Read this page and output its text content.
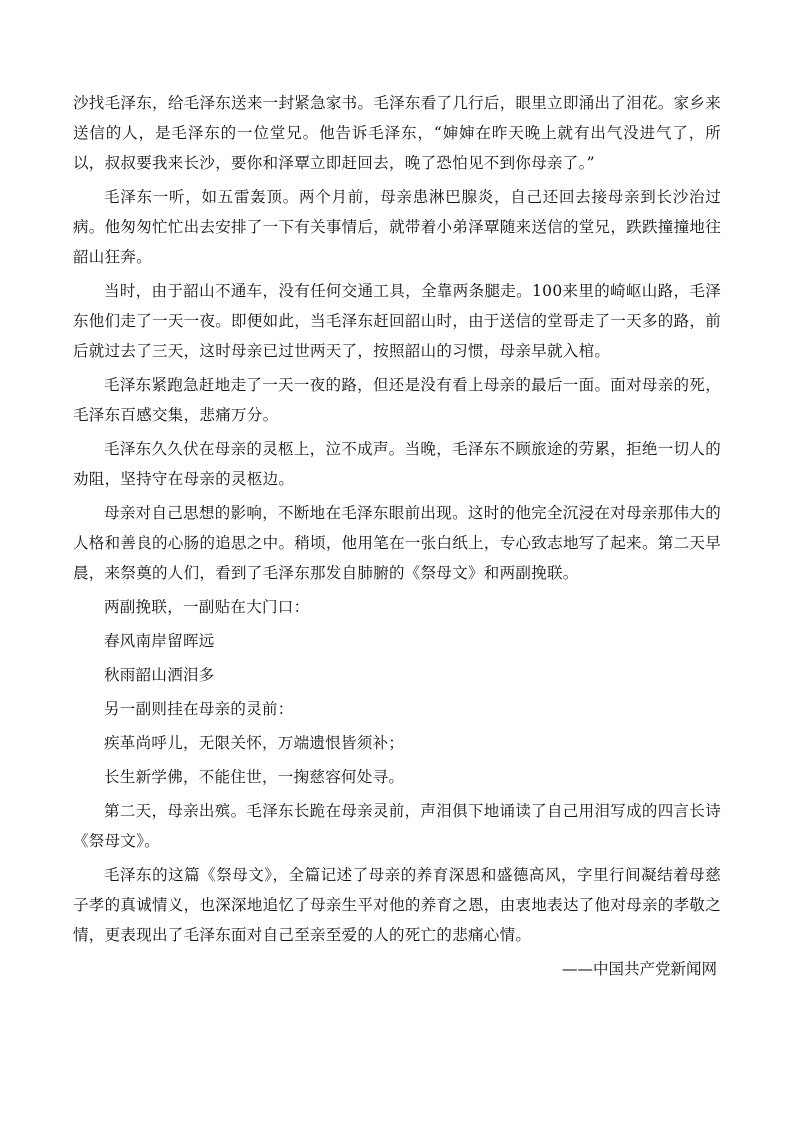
沙找毛泽东，给毛泽东送来一封紧急家书。毛泽东看了几行后，眼里立即涌出了泪花。家乡来送信的人，是毛泽东的一位堂兄。他告诉毛泽东，“婶婶在昨天晚上就有出气没进气了，所以，叔叔要我来长沙，要你和泽覃立即赶回去，晚了恐怕见不到你母亲了。”

毛泽东一听，如五雷轰顶。两个月前，母亲患淋巴腺炎，自己还回去接母亲到长沙治过病。他匆匆忙忙出去安排了一下有关事情后，就带着小弟泽覃随来送信的堂兄，跌跌撞撞地往韶山狂奔。

当时，由于韶山不通车，没有任何交通工具，全靠两条腿走。100来里的崎岖山路，毛泽东他们走了一天一夜。即便如此，当毛泽东赶回韶山时，由于送信的堂哥走了一天多的路，前后就过去了三天，这时母亲已过世两天了，按照韶山的习惯，母亲早就入棺。

毛泽东紧跑急赶地走了一天一夜的路，但还是没有看上母亲的最后一面。面对母亲的死，毛泽东百感交集，悲痛万分。

毛泽东久久伏在母亲的灵柩上，泣不成声。当晚，毛泽东不顾旅途的劳累，拒绝一切人的劝阻，坚持守在母亲的灵柩边。

母亲对自己思想的影响，不断地在毛泽东眼前出现。这时的他完全沉浸在对母亲那伟大的人格和善良的心肠的追思之中。稍顷，他用笔在一张白纸上，专心致志地写了起来。第二天早晨，来祭奠的人们，看到了毛泽东那发自肺腑的《祭母文》和两副挽联。

两副挽联，一副贴在大门口：

春风南岸留晖远

秋雨韶山洒泪多

另一副则挂在母亲的灵前：

疾革尚呼儿，无限关怀，万端遗恨皆须补；

长生新学佛，不能住世，一掬慈容何处寻。

第二天，母亲出殡。毛泽东长跪在母亲灵前，声泪俱下地诵读了自己用泪写成的四言长诗《祭母文》。

毛泽东的这篇《祭母文》，全篇记述了母亲的养育深恩和盛德高风，字里行间凝结着母慈子孝的真诚情义，也深深地追忆了母亲生平对他的养育之恩，由衷地表达了他对母亲的孝敬之情，更表现出了毛泽东面对自己至亲至爱的人的死亡的悲痛心情。

——中国共产党新闻网
